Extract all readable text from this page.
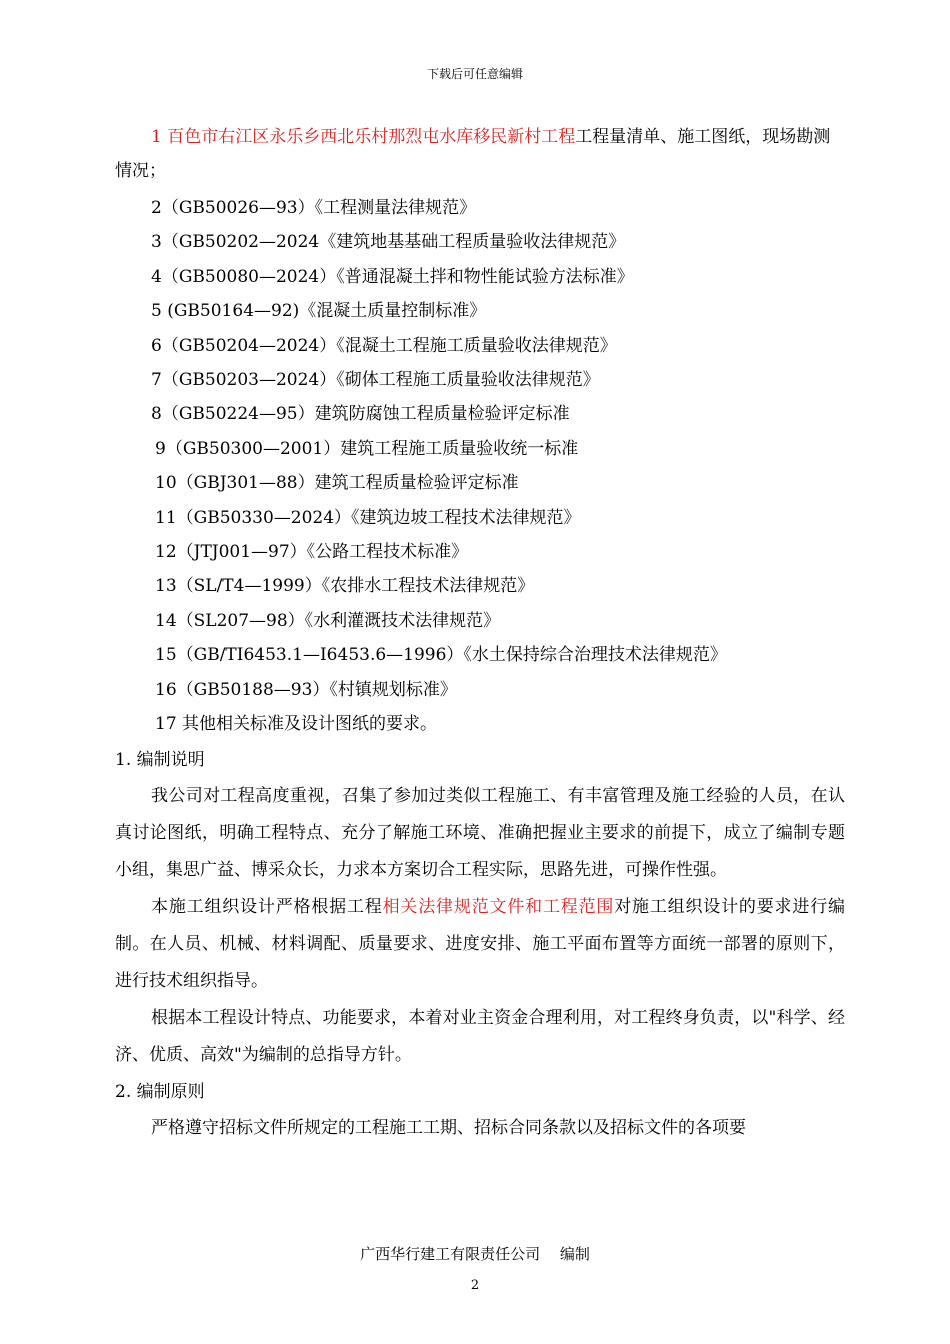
下载后可任意编辑

1 百色市右江区永乐乡西北乐村那烈屯水库移民新村工程工程量清单、施工图纸，现场勘测情况；

2（GB50026—93）《工程测量法律规范》
3（GB50202—2024《建筑地基基础工程质量验收法律规范》
4（GB50080—2024）《普通混凝土拌和物性能试验方法标准》
5 (GB50164—92)《混凝土质量控制标准》
6（GB50204—2024）《混凝土工程施工质量验收法律规范》
7（GB50203—2024）《砌体工程施工质量验收法律规范》
8（GB50224—95）建筑防腐蚀工程质量检验评定标准
9（GB50300—2001）建筑工程施工质量验收统一标准
10（GBJ301—88）建筑工程质量检验评定标准
11（GB50330—2024）《建筑边坡工程技术法律规范》
12（JTJ001—97）《公路工程技术标准》
13（SL/T4—1999）《农排水工程技术法律规范》
14（SL207—98）《水利灌溉技术法律规范》
15（GB/TI6453.1—I6453.6—1996）《水土保持综合治理技术法律规范》
16（GB50188—93）《村镇规划标准》
17 其他相关标准及设计图纸的要求。

1. 编制说明

我公司对工程高度重视，召集了参加过类似工程施工、有丰富管理及施工经验的人员，在认真讨论图纸，明确工程特点、充分了解施工环境、准确把握业主要求的前提下，成立了编制专题小组，集思广益、博采众长，力求本方案切合工程实际，思路先进，可操作性强。

本施工组织设计严格根据工程相关法律规范文件和工程范围对施工组织设计的要求进行编制。在人员、机械、材料调配、质量要求、进度安排、施工平面布置等方面统一部署的原则下，进行技术组织指导。

根据本工程设计特点、功能要求，本着对业主资金合理利用，对工程终身负责，以"科学、经济、优质、高效"为编制的总指导方针。

2. 编制原则

严格遵守招标文件所规定的工程施工工期、招标合同条款以及招标文件的各项要

广西华行建工有限责任公司　 编制
2
